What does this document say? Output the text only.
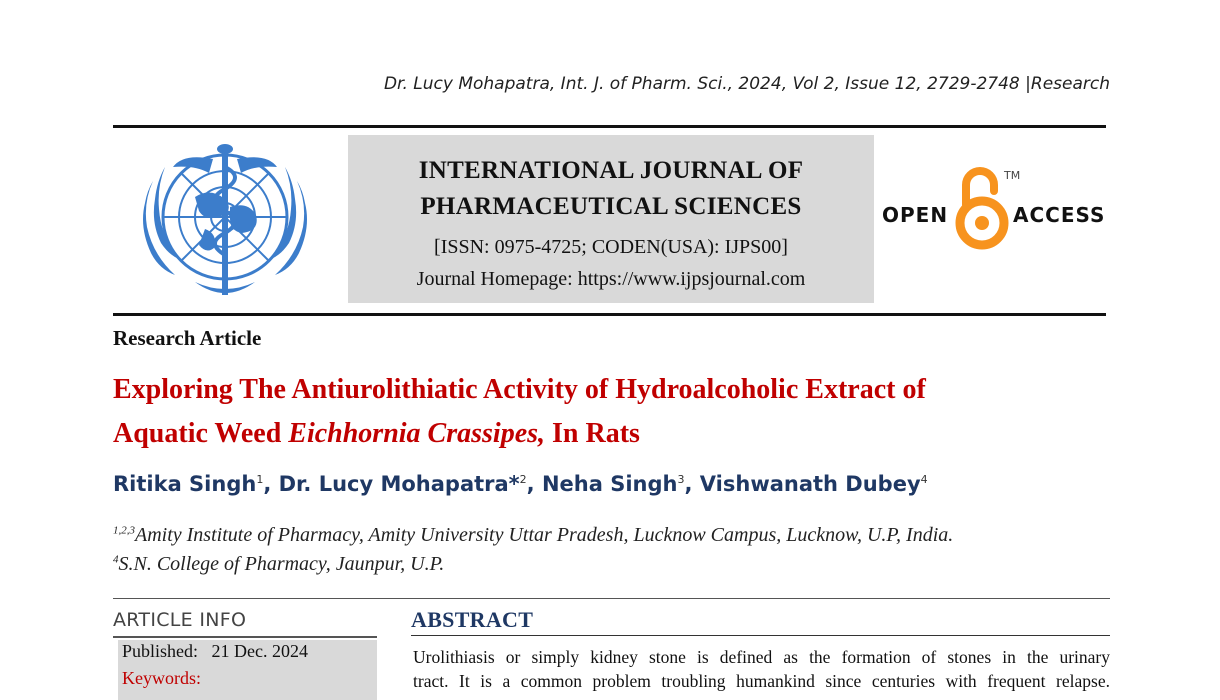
Dr. Lucy Mohapatra, Int. J. of Pharm. Sci., 2024, Vol 2, Issue 12, 2729-2748 |Research
INTERNATIONAL JOURNAL OF
PHARMACEUTICAL SCIENCES
[ISSN: 0975-4725; CODEN(USA): IJPS00]
Journal Homepage: https://www.ijpsjournal.com
OPEN
TM
ACCESS
Research Article
Exploring The Antiurolithiatic Activity of Hydroalcoholic Extract of
Aquatic Weed Eichhornia Crassipes, In Rats
Ritika Singh$^1$, Dr. Lucy Mohapatra*$^2$, Neha Singh$^3$, Vishwanath Dubey$^4$
$^{1,2,3}$Amity Institute of Pharmacy, Amity University Uttar Pradesh, Lucknow Campus, Lucknow, U.P, India.
$^4$S.N. College of Pharmacy, Jaunpur, U.P.
ARTICLE INFO
Published: 21 Dec. 2024
Keywords:
ABSTRACT
Urolithiasis or simply kidney stone is defined as the formation of stones in the urinary
tract. It is a common problem troubling humankind since centuries with frequent relapse.
